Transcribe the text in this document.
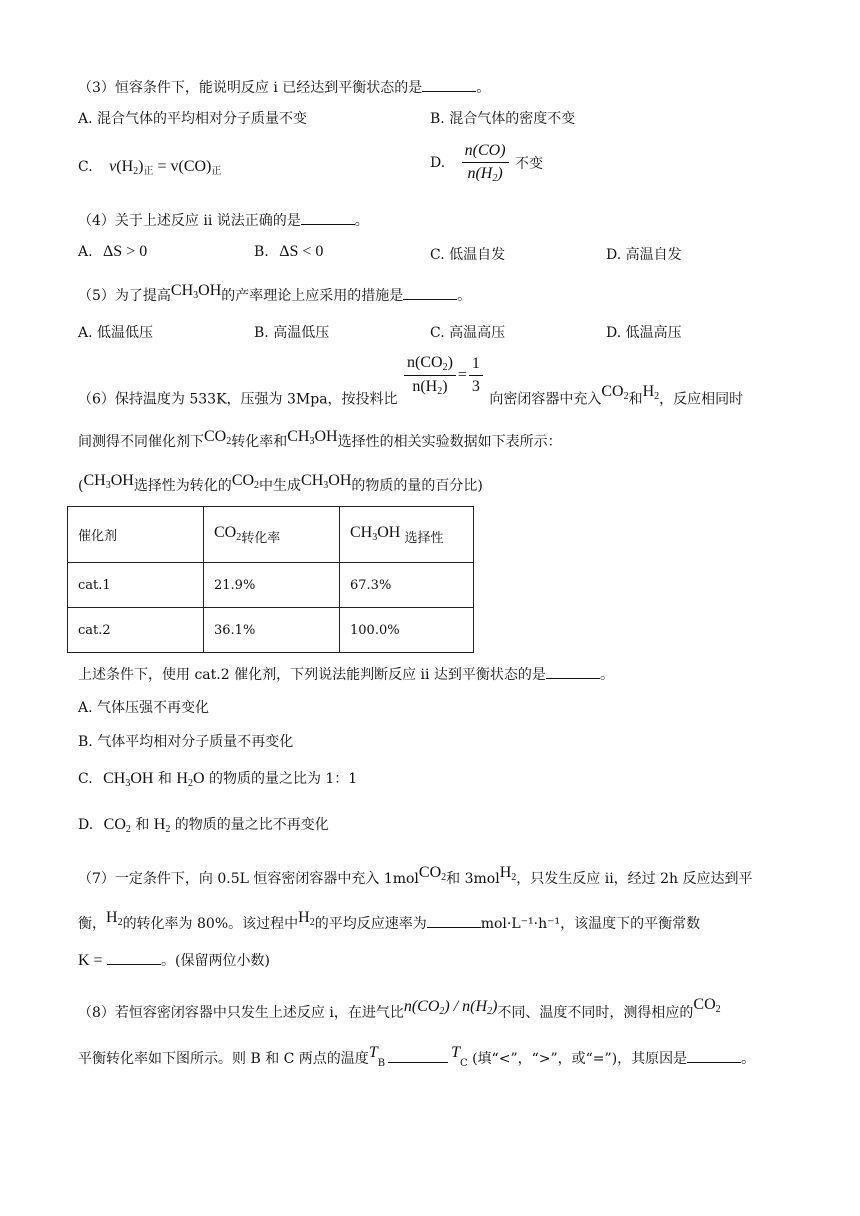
（3）恒容条件下，能说明反应 i 已经达到平衡状态的是	。
A. 混合气体的平均相对分子质量不变	B. 混合气体的密度不变
C. $v(H_2)_正 = v(CO)_正$
D. $\frac{n(CO)}{n(H_2)}$ 不变
（4）关于上述反应 ii 说法正确的是	。
A. ΔS > 0	B. ΔS < 0	C. 低温自发	D. 高温自发
（5）为了提高$CH_3OH$的产率理论上应采用的措施是	。
A. 低温低压	B. 高温低压	C. 高温高压	D. 低温高压
（6）保持温度为 533K，压强为 3Mpa，按投料比
$\frac{n(CO_2)}{n(H_2)} = \frac{1}{3}$
向密闭容器中充入$CO_2$和$H_2$，反应相同时
间测得不同催化剂下$CO_2$转化率和$CH_3OH$选择性的相关实验数据如下表所示：
($CH_3OH$选择性为转化的$CO_2$中生成$CH_3OH$的物质的量的百分比)
催化剂	$CO_2$转化率	$CH_3OH$ 选择性
cat.1	21.9%	67.3%
cat.2	36.1%	100.0%
上述条件下，使用 cat.2 催化剂，下列说法能判断反应 ii 达到平衡状态的是	。
A. 气体压强不再变化
B. 气体平均相对分子质量不再变化
C. $CH_3OH$ 和 $H_2O$ 的物质的量之比为 1：1
D. $CO_2$ 和 $H_2$ 的物质的量之比不再变化
（7）一定条件下，向 0.5L 恒容密闭容器中充入 1molCO$_2$和 3molH$_2$，只发生反应 ii，经过 2h 反应达到平
衡，$H_2$的转化率为 80%。该过程中$H_2$的平均反应速率为	mol·L⁻¹·h⁻¹，该温度下的平衡常数
K =	。(保留两位小数)
（8）若恒容密闭容器中只发生上述反应 i，在进气比$n(CO_2) / n(H_2)$不同、温度不同时，测得相应的$CO_2$
平衡转化率如下图所示。则 B 和 C 两点的温度$T_BT_C$ (填“<”，“>”，或“=”)，其原因是	。
